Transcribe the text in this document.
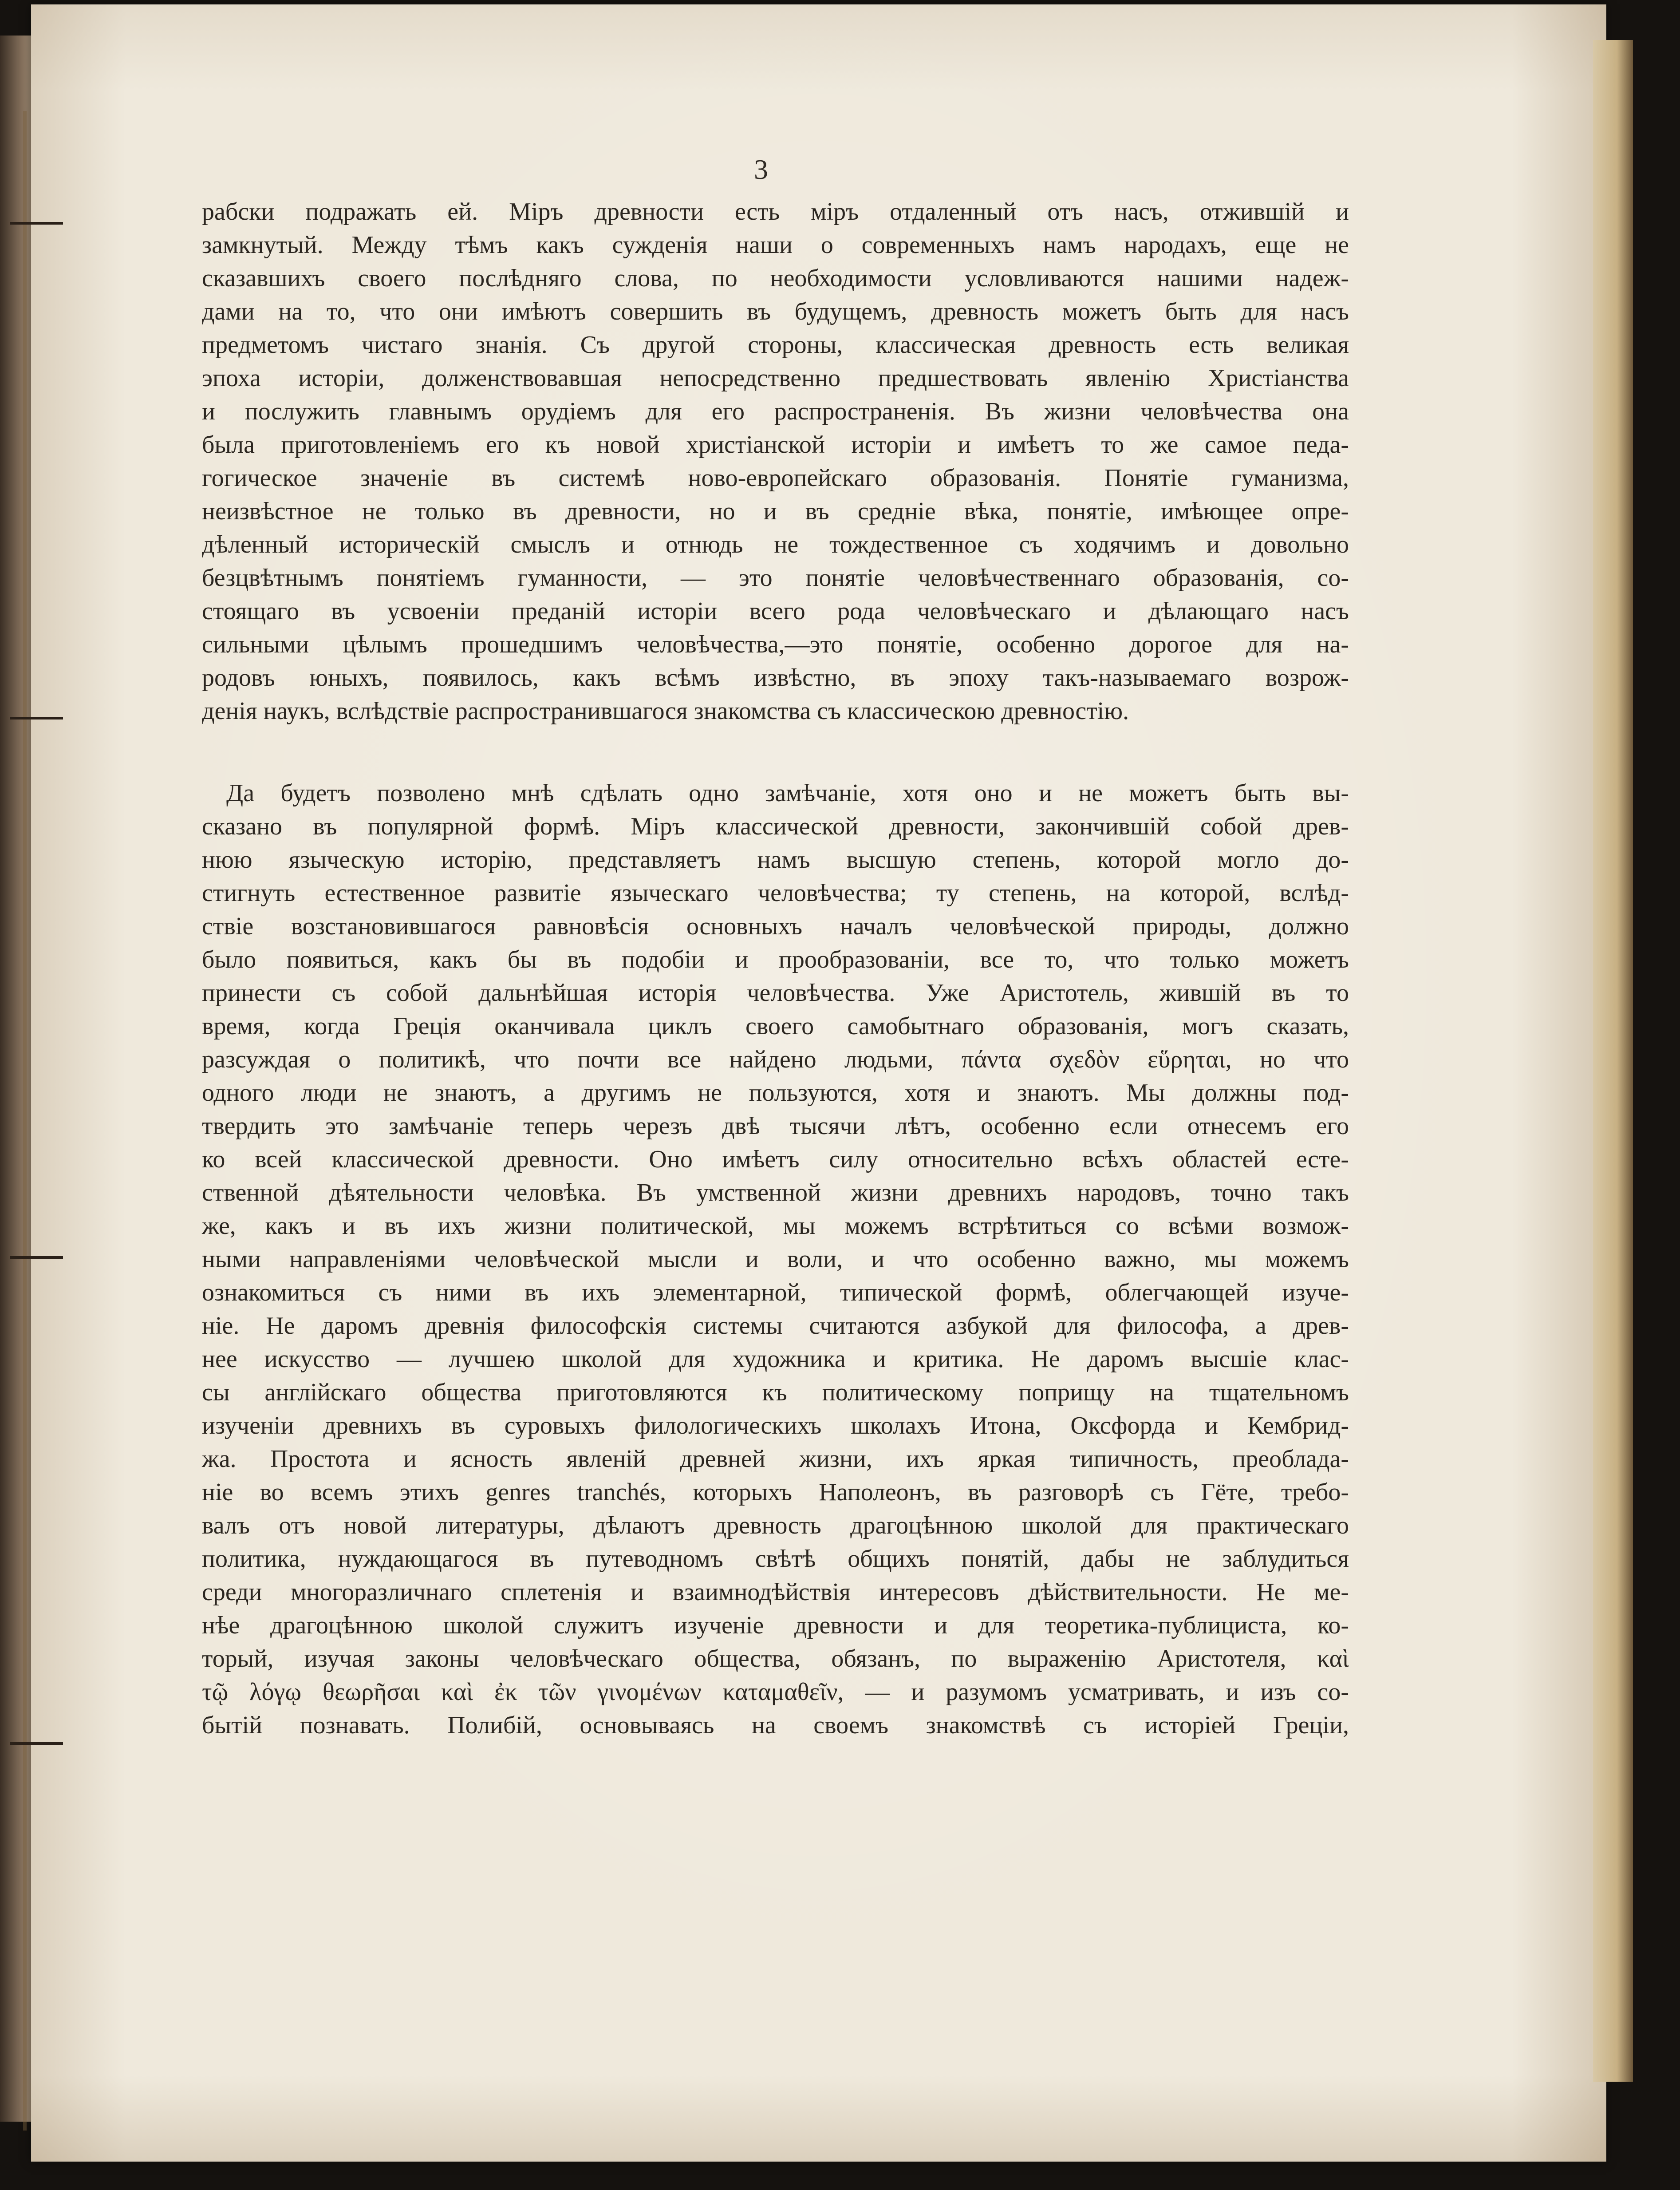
3
рабски подражать ей. Міръ древности есть міръ отдаленный отъ насъ, отжившій и
замкнутый. Между тѣмъ какъ сужденія наши о современныхъ намъ народахъ, еще не
сказавшихъ своего послѣдняго слова, по необходимости условливаются нашими надеж-
дами на то, что они имѣютъ совершить въ будущемъ, древность можетъ быть для насъ
предметомъ чистаго знанія. Съ другой стороны, классическая древность есть великая
эпоха исторіи, долженствовавшая непосредственно предшествовать явленію Христіанства
и послужить главнымъ орудіемъ для его распространенія. Въ жизни человѣчества она
была приготовленіемъ его къ новой христіанской исторіи и имѣетъ то же самое педа-
гогическое значеніе въ системѣ ново-европейскаго образованія. Понятіе гуманизма,
неизвѣстное не только въ древности, но и въ средніе вѣка, понятіе, имѣющее опре-
дѣленный историческій смыслъ и отнюдь не тождественное съ ходячимъ и довольно
безцвѣтнымъ понятіемъ гуманности, — это понятіе человѣчественнаго образованія, со-
стоящаго въ усвоеніи преданій исторіи всего рода человѣческаго и дѣлающаго насъ
сильными цѣлымъ прошедшимъ человѣчества,—это понятіе, особенно дорогое для на-
родовъ юныхъ, появилось, какъ всѣмъ извѣстно, въ эпоху такъ-называемаго возрож-
денія наукъ, вслѣдствіе распространившагося знакомства съ классическою древностію.
Да будетъ позволено мнѣ сдѣлать одно замѣчаніе, хотя оно и не можетъ быть вы-
сказано въ популярной формѣ. Міръ классической древности, закончившій собой древ-
нюю языческую исторію, представляетъ намъ высшую степень, которой могло до-
стигнуть естественное развитіе языческаго человѣчества; ту степень, на которой, вслѣд-
ствіе возстановившагося равновѣсія основныхъ началъ человѣческой природы, должно
было появиться, какъ бы въ подобіи и прообразованіи, все то, что только можетъ
принести съ собой дальнѣйшая исторія человѣчества. Уже Аристотель, жившій въ то
время, когда Греція оканчивала циклъ своего самобытнаго образованія, могъ сказать,
разсуждая о политикѣ, что почти все найдено людьми, πάντα σχεδὸν εὕρηται, но что
одного люди не знаютъ, а другимъ не пользуются, хотя и знаютъ. Мы должны под-
твердить это замѣчаніе теперь черезъ двѣ тысячи лѣтъ, особенно если отнесемъ его
ко всей классической древности. Оно имѣетъ силу относительно всѣхъ областей есте-
ственной дѣятельности человѣка. Въ умственной жизни древнихъ народовъ, точно такъ
же, какъ и въ ихъ жизни политической, мы можемъ встрѣтиться со всѣми возмож-
ными направленіями человѣческой мысли и воли, и что особенно важно, мы можемъ
ознакомиться съ ними въ ихъ элементарной, типической формѣ, облегчающей изуче-
ніе. Не даромъ древнія философскія системы считаются азбукой для философа, а древ-
нее искусство — лучшею школой для художника и критика. Не даромъ высшіе клас-
сы англійскаго общества приготовляются къ политическому поприщу на тщательномъ
изученіи древнихъ въ суровыхъ филологическихъ школахъ Итона, Оксфорда и Кембрид-
жа. Простота и ясность явленій древней жизни, ихъ яркая типичность, преоблада-
ніе во всемъ этихъ genres tranchés, которыхъ Наполеонъ, въ разговорѣ съ Гёте, требо-
валъ отъ новой литературы, дѣлаютъ древность драгоцѣнною школой для практическаго
политика, нуждающагося въ путеводномъ свѣтѣ общихъ понятій, дабы не заблудиться
среди многоразличнаго сплетенія и взаимнодѣйствія интересовъ дѣйствительности. Не ме-
нѣе драгоцѣнною школой служитъ изученіе древности и для теоретика-публициста, ко-
торый, изучая законы человѣческаго общества, обязанъ, по выраженію Аристотеля, καὶ
τῷ λόγῳ θεωρῆσαι καὶ ἐκ τῶν γινομένων καταμαθεῖν, — и разумомъ усматривать, и изъ со-
бытій познавать. Полибій, основываясь на своемъ знакомствѣ съ исторіей Греціи,
